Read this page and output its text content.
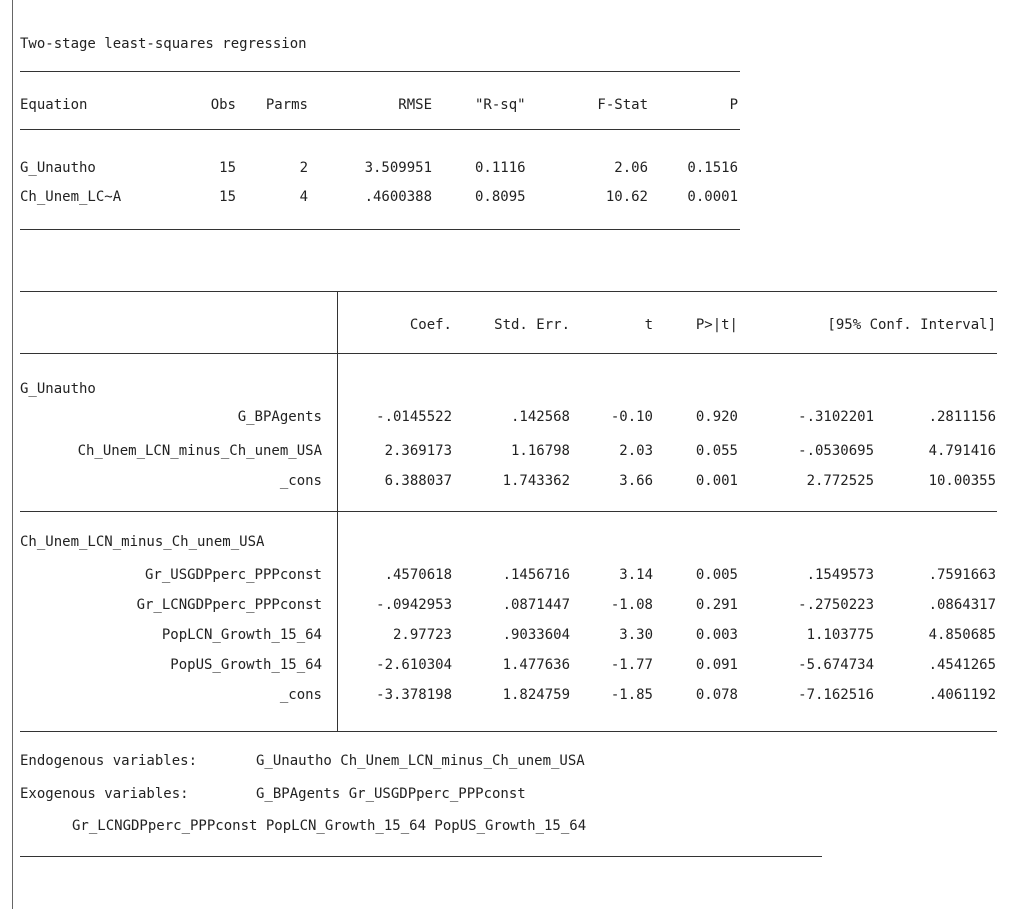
Two-stage least-squares regression
Equation	Obs	Parms	RMSE	"R-sq"	F-Stat	P
G_Unautho	15	2	3.509951	0.1116	2.06	0.1516
Ch_Unem_LC~A	15	4	.4600388	0.8095	10.62	0.0001
Coef.	Std. Err.	t	P>|t|	[95% Conf. Interval]
G_Unautho
G_BPAgents	-.0145522	.142568	-0.10	0.920	-.3102201	.2811156
Ch_Unem_LCN_minus_Ch_unem_USA	2.369173	1.16798	2.03	0.055	-.0530695	4.791416
_cons	6.388037	1.743362	3.66	0.001	2.772525	10.00355
Ch_Unem_LCN_minus_Ch_unem_USA
Gr_USGDPperc_PPPconst	.4570618	.1456716	3.14	0.005	.1549573	.7591663
Gr_LCNGDPperc_PPPconst	-.0942953	.0871447	-1.08	0.291	-.2750223	.0864317
PopLCN_Growth_15_64	2.97723	.9033604	3.30	0.003	1.103775	4.850685
PopUS_Growth_15_64	-2.610304	1.477636	-1.77	0.091	-5.674734	.4541265
_cons	-3.378198	1.824759	-1.85	0.078	-7.162516	.4061192
Endogenous variables:	G_Unautho Ch_Unem_LCN_minus_Ch_unem_USA
Exogenous variables:	G_BPAgents Gr_USGDPperc_PPPconst
Gr_LCNGDPperc_PPPconst PopLCN_Growth_15_64 PopUS_Growth_15_64
